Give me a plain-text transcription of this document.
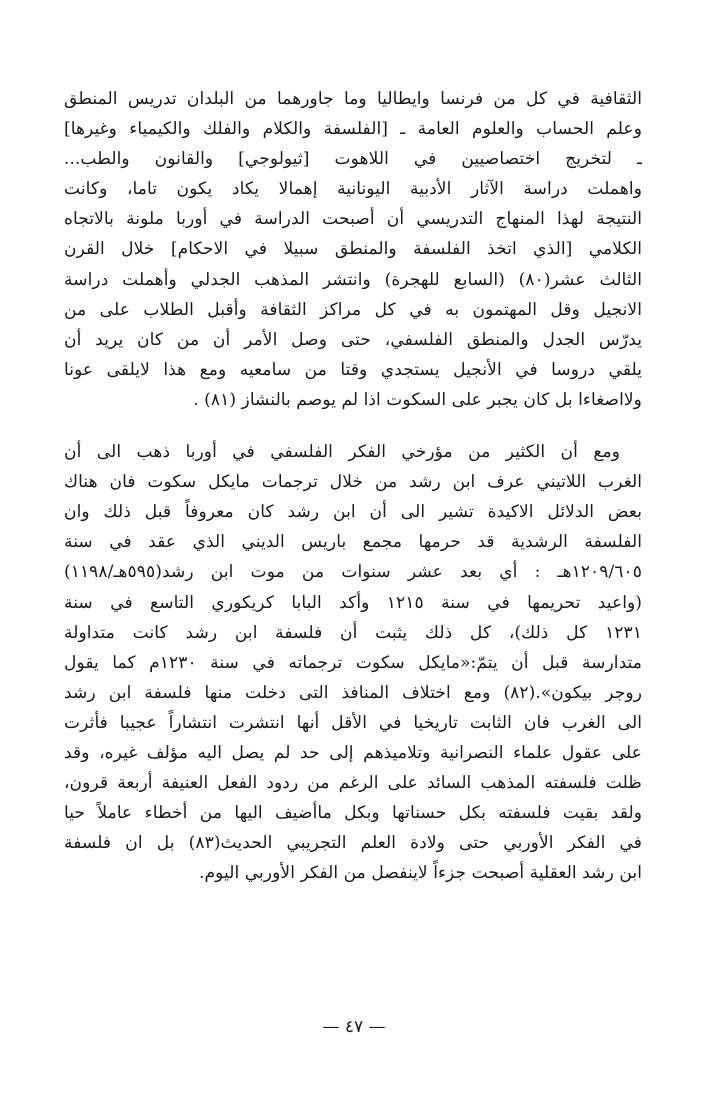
الثقافية في كل من فرنسا وايطاليا وما جاورهما من البلدان تدريس المنطق
وعلم الحساب والعلوم العامة ـ [الفلسفة والكلام والفلك والكيمياء وغيرها]
ـ لتخريج اختصاصيين في اللاهوت [ثيولوجي] والقانون والطب...
واهملت دراسة الآثار الأدبية اليونانية إهمالا يكاد يكون تاما، وكانت
النتيجة لهذا المنهاج التدريسي أن أصبحت الدراسة في أوربا ملونة بالاتجاه
الكلامي [الذي اتخذ الفلسفة والمنطق سبيلا في الاحكام] خلال القرن
الثالث عشر(٨٠) (السابع للهجرة) وانتشر المذهب الجدلي وأهملت دراسة
الانجيل وقل المهتمون به في كل مراكز الثقافة وأقبل الطلاب على من
يدرّس الجدل والمنطق الفلسفي، حتى وصل الأمر أن من كان يريد أن
يلقي دروسا في الأنجيل يستجدي وقتا من سامعيه ومع هذا لايلقى عونا
ولااصغاءا بل كان يجبر على السكوت اذا لم يوصم بالنشاز (٨١) .
ومع أن الكثير من مؤرخي الفكر الفلسفي في أوربا ذهب الى أن
الغرب اللاتيني عرف ابن رشد من خلال ترجمات مايكل سكوت فان هناك
بعض الدلائل الاكيدة تشير الى أن ابن رشد كان معروفاً قبل ذلك وان
الفلسفة الرشدية قد حرمها مجمع باريس الديني الذي عقد في سنة
١٢٠٩/٦٠٥هـ : أي بعد عشر سنوات من موت ابن رشد(٥٩٥هـ/١١٩٨)
(واعيد تحريمها في سنة ١٢١٥ وأكد البابا كريكوري التاسع في سنة
١٢٣١ كل ذلك)، كل ذلك يثبت أن فلسفة ابن رشد كانت متداولة
متدارسة قبل أن يتمّ:«مايكل سكوت ترجماته في سنة ١٢٣٠م كما يقول
روجر بيكون».(٨٢) ومع اختلاف المنافذ التى دخلت منها فلسفة ابن رشد
الى الغرب فان الثابت تاريخيا في الأقل أنها انتشرت انتشاراً عجيبا فأثرت
على عقول علماء النصرانية وتلاميذهم إلى حد لم يصل اليه مؤلف غيره، وقد
ظلت فلسفته المذهب السائد على الرغم من ردود الفعل العنيفة أربعة قرون،
ولقد بقيت فلسفته بكل حسناتها وبكل ماأضيف اليها من أخطاء عاملاً حيا
في الفكر الأوربي حتى ولادة العلم التجريبي الحديث(٨٣) بل ان فلسفة
ابن رشد العقلية أصبحت جزءاً لاينفصل من الفكر الأوربي اليوم.
— ٤٧ —
